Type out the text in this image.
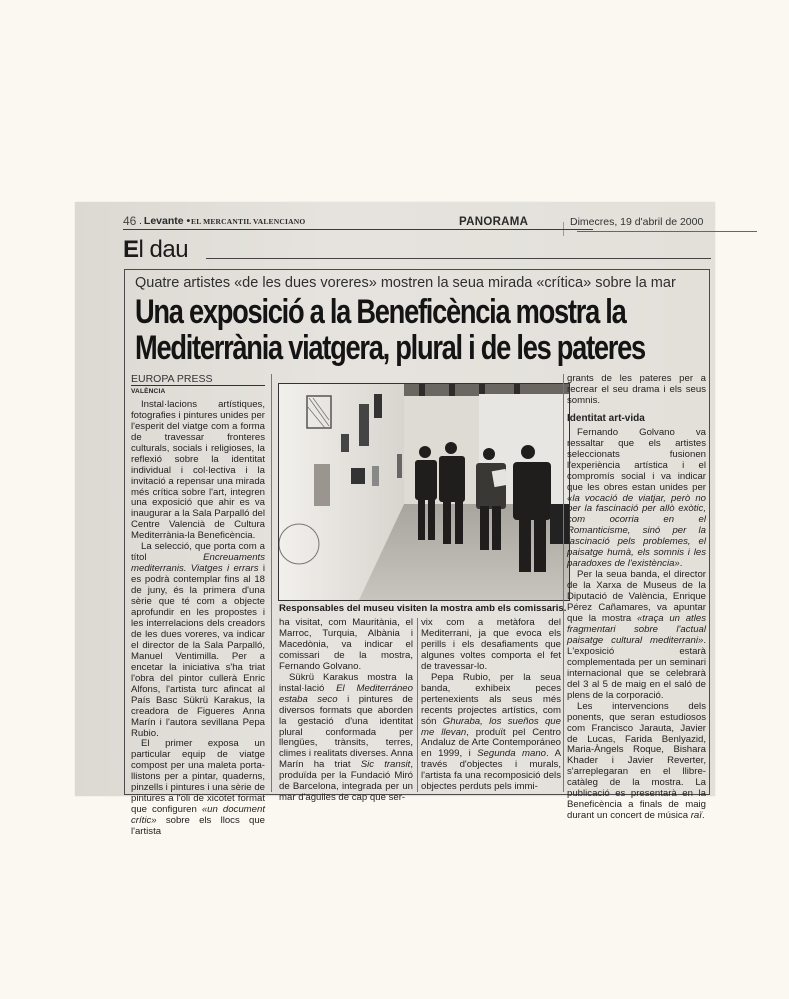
46 . Levante • EL MERCANTIL VALENCIANO	PANORAMA	Dimecres, 19 d'abril de 2000
El dau
Quatre artistes «de les dues voreres» mostren la seua mirada «crítica» sobre la mar
Una exposició a la Beneficència mostra la
Mediterrània viatgera, plural i de les pateres
EUROPA PRESS
VALÈNCIA

Instal·lacions artístiques, fotografies i pintures unides per l'esperit del viatge com a forma de travessar fronteres culturals, socials i religioses, la reflexió sobre la identitat individual i col·lectiva i la invitació a repensar una mirada més crítica sobre l'art, integren una exposició que ahir es va inaugurar a la Sala Parpalló del Centre Valencià de Cultura Mediterrània-la Beneficència.

La selecció, que porta com a títol Encreuaments mediterranis. Viatges i errars i es podrà contemplar fins al 18 de juny, és la primera d'una sèrie que té com a objecte aprofundir en les propostes i les interrelacions dels creadors de les dues voreres, va indicar el director de la Sala Parpalló, Manuel Ventimilla. Per a encetar la iniciativa s'ha triat l'obra del pintor cullerà Enric Alfons, l'artista turc afincat al País Basc Sükrü Karakus, la creadora de Figueres Anna Marín i l'autora sevillana Pepa Rubio.

El primer exposa un particular equip de viatge compost per una maleta porta-llistons per a pintar, quaderns, pinzells i pintures i una sèrie de pintures a l'oli de xicotet format que configuren «un document crític» sobre els llocs que l'artista

Responsables del museu visiten la mostra amb els comissaris.

ha visitat, com Mauritània, el Marroc, Turquia, Albània i Macedònia, va indicar el comissari de la mostra, Fernando Golvano.

Sükrü Karakus mostra la instal·lació El Mediterráneo estaba seco i pintures de diversos formats que aborden la gestació d'una identitat plural conformada per llengües, trànsits, terres, climes i realitats diverses. Anna Marín ha triat Sic transit, produïda per la Fundació Miró de Barcelona, integrada per un mar d'agulles de cap que ser-

vix com a metàfora del Mediterrani, ja que evoca els perills i els desafiaments que algunes voltes comporta el fet de travessar-lo.

Pepa Rubio, per la seua banda, exhibeix peces pertenexients als seus més recents projectes artístics, com són Ghuraba, los sueños que me llevan, produït pel Centro Andaluz de Arte Contemporáneo en 1999, i Segunda mano. A través d'objectes i murals, l'artista fa una recomposició dels objectes perduts pels immi-

grants de les pateres per a recrear el seu drama i els seus somnis.

Identitat art-vida

Fernando Golvano va ressaltar que els artistes seleccionats fusionen l'experiència artística i el compromís social i va indicar que les obres estan unides per «la vocació de viatjar, però no per la fascinació per allò exòtic, com ocorria en el Romanticisme, sinó per la fascinació pels problemes, el paisatge humà, els somnis i les paradoxes de l'existència».

Per la seua banda, el director de la Xarxa de Museus de la Diputació de València, Enrique Pérez Cañamares, va apuntar que la mostra «traça un atles fragmentari sobre l'actual paisatge cultural mediterrani». L'exposició estarà complementada per un seminari internacional que se celebrarà del 3 al 5 de maig en el saló de plens de la corporació.

Les intervencions dels ponents, que seran estudiosos com Francisco Jarauta, Javier de Lucas, Farida Benlyazid, Maria-Àngels Roque, Bishara Khader i Javier Reverter, s'arreplegaran en el llibre-catàleg de la mostra. La publicació es presentarà en la Beneficència a finals de maig durant un concert de música raï.
